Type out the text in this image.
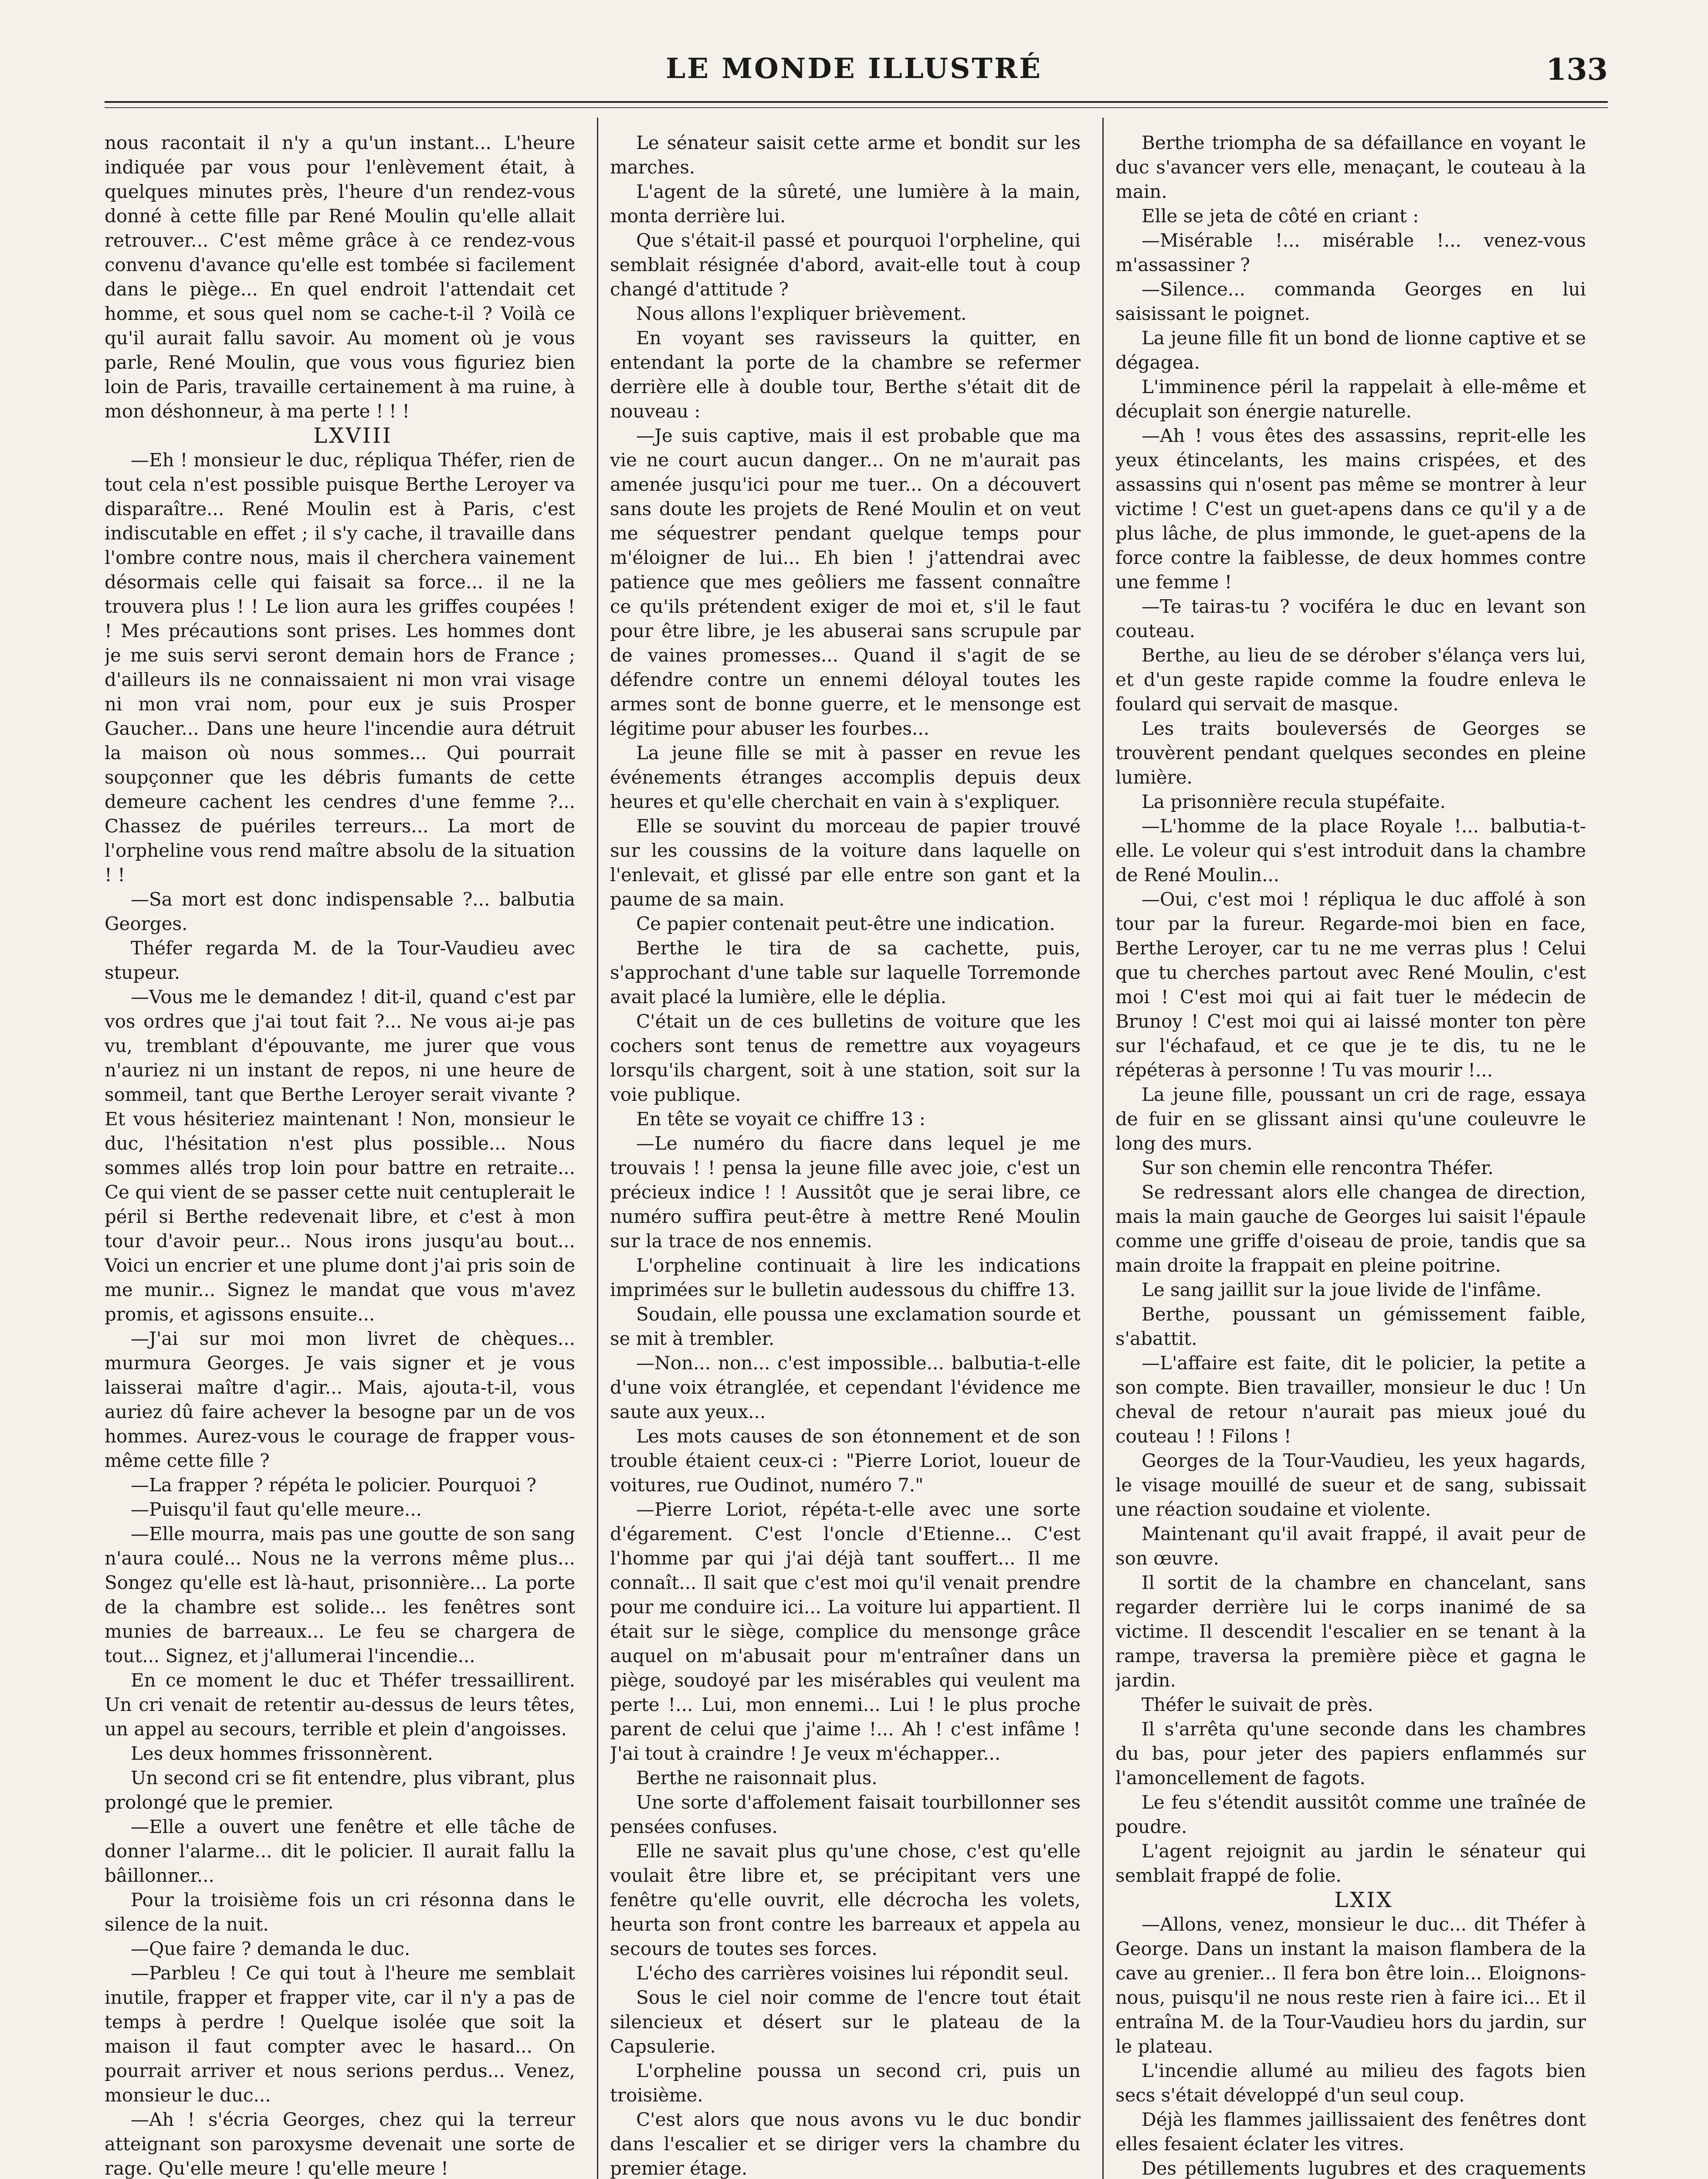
LE MONDE ILLUSTRÉ	133

nous racontait il n'y a qu'un instant... L'heure indiquée par vous pour l'enlèvement était, à quelques minutes près, l'heure d'un rendez-vous donné à cette fille par René Moulin qu'elle allait retrouver... C'est même grâce à ce rendez-vous convenu d'avance qu'elle est tombée si facilement dans le piège... En quel endroit l'attendait cet homme, et sous quel nom se cache-t-il ? Voilà ce qu'il aurait fallu savoir. Au moment où je vous parle, René Moulin, que vous vous figuriez bien loin de Paris, travaille certainement à ma ruine, à mon déshonneur, à ma perte ! ! !

LXVIII

—Eh ! monsieur le duc, répliqua Théfer, rien de tout cela n'est possible puisque Berthe Leroyer va disparaître... René Moulin est à Paris, c'est indiscutable en effet ; il s'y cache, il travaille dans l'ombre contre nous, mais il cherchera vainement désormais celle qui faisait sa force... il ne la trouvera plus ! ! Le lion aura les griffes coupées ! ! Mes précautions sont prises. Les hommes dont je me suis servi seront demain hors de France ; d'ailleurs ils ne connaissaient ni mon vrai visage ni mon vrai nom, pour eux je suis Prosper Gaucher... Dans une heure l'incendie aura détruit la maison où nous sommes... Qui pourrait soupçonner que les débris fumants de cette demeure cachent les cendres d'une femme ?... Chassez de puériles terreurs... La mort de l'orpheline vous rend maître absolu de la situation ! !

—Sa mort est donc indispensable ?... balbutia Georges.

Théfer regarda M. de la Tour-Vaudieu avec stupeur.

—Vous me le demandez ! dit-il, quand c'est par vos ordres que j'ai tout fait ?... Ne vous ai-je pas vu, tremblant d'épouvante, me jurer que vous n'auriez ni un instant de repos, ni une heure de sommeil, tant que Berthe Leroyer serait vivante ? Et vous hésiteriez maintenant ! Non, monsieur le duc, l'hésitation n'est plus possible... Nous sommes allés trop loin pour battre en retraite... Ce qui vient de se passer cette nuit centuplerait le péril si Berthe redevenait libre, et c'est à mon tour d'avoir peur... Nous irons jusqu'au bout... Voici un encrier et une plume dont j'ai pris soin de me munir... Signez le mandat que vous m'avez promis, et agissons ensuite...

—J'ai sur moi mon livret de chèques... murmura Georges. Je vais signer et je vous laisserai maître d'agir... Mais, ajouta-t-il, vous auriez dû faire achever la besogne par un de vos hommes. Aurez-vous le courage de frapper vous-même cette fille ?

—La frapper ? répéta le policier. Pourquoi ?

—Puisqu'il faut qu'elle meure...

—Elle mourra, mais pas une goutte de son sang n'aura coulé... Nous ne la verrons même plus... Songez qu'elle est là-haut, prisonnière... La porte de la chambre est solide... les fenêtres sont munies de barreaux... Le feu se chargera de tout... Signez, et j'allumerai l'incendie...

En ce moment le duc et Théfer tressaillirent. Un cri venait de retentir au-dessus de leurs têtes, un appel au secours, terrible et plein d'angoisses.

Les deux hommes frissonnèrent.

Un second cri se fit entendre, plus vibrant, plus prolongé que le premier.

—Elle a ouvert une fenêtre et elle tâche de donner l'alarme... dit le policier. Il aurait fallu la bâillonner...

Pour la troisième fois un cri résonna dans le silence de la nuit.

—Que faire ? demanda le duc.

—Parbleu ! Ce qui tout à l'heure me semblait inutile, frapper et frapper vite, car il n'y a pas de temps à perdre ! Quelque isolée que soit la maison il faut compter avec le hasard... On pourrait arriver et nous serions perdus... Venez, monsieur le duc...

—Ah ! s'écria Georges, chez qui la terreur atteignant son paroxysme devenait une sorte de rage. Qu'elle meure ! qu'elle meure !

Le sénateur saisit cette arme et bondit sur les marches.

L'agent de la sûreté, une lumière à la main, monta derrière lui.

Que s'était-il passé et pourquoi l'orpheline, qui semblait résignée d'abord, avait-elle tout à coup changé d'attitude ?

Nous allons l'expliquer brièvement.

En voyant ses ravisseurs la quitter, en entendant la porte de la chambre se refermer derrière elle à double tour, Berthe s'était dit de nouveau :

—Je suis captive, mais il est probable que ma vie ne court aucun danger... On ne m'aurait pas amenée jusqu'ici pour me tuer... On a découvert sans doute les projets de René Moulin et on veut me séquestrer pendant quelque temps pour m'éloigner de lui... Eh bien ! j'attendrai avec patience que mes geôliers me fassent connaître ce qu'ils prétendent exiger de moi et, s'il le faut pour être libre, je les abuserai sans scrupule par de vaines promesses... Quand il s'agit de se défendre contre un ennemi déloyal toutes les armes sont de bonne guerre, et le mensonge est légitime pour abuser les fourbes...

La jeune fille se mit à passer en revue les événements étranges accomplis depuis deux heures et qu'elle cherchait en vain à s'expliquer.

Elle se souvint du morceau de papier trouvé sur les coussins de la voiture dans laquelle on l'enlevait, et glissé par elle entre son gant et la paume de sa main.

Ce papier contenait peut-être une indication.

Berthe le tira de sa cachette, puis, s'approchant d'une table sur laquelle Torremonde avait placé la lumière, elle le déplia.

C'était un de ces bulletins de voiture que les cochers sont tenus de remettre aux voyageurs lorsqu'ils chargent, soit à une station, soit sur la voie publique.

En tête se voyait ce chiffre 13 :

—Le numéro du fiacre dans lequel je me trouvais ! ! pensa la jeune fille avec joie, c'est un précieux indice ! ! Aussitôt que je serai libre, ce numéro suffira peut-être à mettre René Moulin sur la trace de nos ennemis.

L'orpheline continuait à lire les indications imprimées sur le bulletin audessous du chiffre 13.

Soudain, elle poussa une exclamation sourde et se mit à trembler.

—Non... non... c'est impossible... balbutia-t-elle d'une voix étranglée, et cependant l'évidence me saute aux yeux...

Les mots causes de son étonnement et de son trouble étaient ceux-ci : "Pierre Loriot, loueur de voitures, rue Oudinot, numéro 7."

—Pierre Loriot, répéta-t-elle avec une sorte d'égarement. C'est l'oncle d'Etienne... C'est l'homme par qui j'ai déjà tant souffert... Il me connaît... Il sait que c'est moi qu'il venait prendre pour me conduire ici... La voiture lui appartient. Il était sur le siège, complice du mensonge grâce auquel on m'abusait pour m'entraîner dans un piège, soudoyé par les misérables qui veulent ma perte !... Lui, mon ennemi... Lui ! le plus proche parent de celui que j'aime !... Ah ! c'est infâme ! J'ai tout à craindre ! Je veux m'échapper...

Berthe ne raisonnait plus.

Une sorte d'affolement faisait tourbillonner ses pensées confuses.

Elle ne savait plus qu'une chose, c'est qu'elle voulait être libre et, se précipitant vers une fenêtre qu'elle ouvrit, elle décrocha les volets, heurta son front contre les barreaux et appela au secours de toutes ses forces.

L'écho des carrières voisines lui répondit seul.

Sous le ciel noir comme de l'encre tout était silencieux et désert sur le plateau de la Capsulerie.

L'orpheline poussa un second cri, puis un troisième.

C'est alors que nous avons vu le duc bondir dans l'escalier et se diriger vers la chambre du premier étage.

Berthe triompha de sa défaillance en voyant le duc s'avancer vers elle, menaçant, le couteau à la main.

Elle se jeta de côté en criant :

—Misérable !... misérable !... venez-vous m'assassiner ?

—Silence... commanda Georges en lui saisissant le poignet.

La jeune fille fit un bond de lionne captive et se dégagea.

L'imminence péril la rappelait à elle-même et décuplait son énergie naturelle.

—Ah ! vous êtes des assassins, reprit-elle les yeux étincelants, les mains crispées, et des assassins qui n'osent pas même se montrer à leur victime ! C'est un guet-apens dans ce qu'il y a de plus lâche, de plus immonde, le guet-apens de la force contre la faiblesse, de deux hommes contre une femme !

—Te tairas-tu ? vociféra le duc en levant son couteau.

Berthe, au lieu de se dérober s'élança vers lui, et d'un geste rapide comme la foudre enleva le foulard qui servait de masque.

Les traits bouleversés de Georges se trouvèrent pendant quelques secondes en pleine lumière.

La prisonnière recula stupéfaite.

—L'homme de la place Royale !... balbutia-t-elle. Le voleur qui s'est introduit dans la chambre de René Moulin...

—Oui, c'est moi ! répliqua le duc affolé à son tour par la fureur. Regarde-moi bien en face, Berthe Leroyer, car tu ne me verras plus ! Celui que tu cherches partout avec René Moulin, c'est moi ! C'est moi qui ai fait tuer le médecin de Brunoy ! C'est moi qui ai laissé monter ton père sur l'échafaud, et ce que je te dis, tu ne le répéteras à personne ! Tu vas mourir !...

La jeune fille, poussant un cri de rage, essaya de fuir en se glissant ainsi qu'une couleuvre le long des murs.

Sur son chemin elle rencontra Théfer.

Se redressant alors elle changea de direction, mais la main gauche de Georges lui saisit l'épaule comme une griffe d'oiseau de proie, tandis que sa main droite la frappait en pleine poitrine.

Le sang jaillit sur la joue livide de l'infâme.

Berthe, poussant un gémissement faible, s'abattit.

—L'affaire est faite, dit le policier, la petite a son compte. Bien travailler, monsieur le duc ! Un cheval de retour n'aurait pas mieux joué du couteau ! ! Filons !

Georges de la Tour-Vaudieu, les yeux hagards, le visage mouillé de sueur et de sang, subissait une réaction soudaine et violente.

Maintenant qu'il avait frappé, il avait peur de son œuvre.

Il sortit de la chambre en chancelant, sans regarder derrière lui le corps inanimé de sa victime. Il descendit l'escalier en se tenant à la rampe, traversa la première pièce et gagna le jardin.

Théfer le suivait de près.

Il s'arrêta qu'une seconde dans les chambres du bas, pour jeter des papiers enflammés sur l'amoncellement de fagots.

Le feu s'étendit aussitôt comme une traînée de poudre.

L'agent rejoignit au jardin le sénateur qui semblait frappé de folie.

LXIX

—Allons, venez, monsieur le duc... dit Théfer à George. Dans un instant la maison flambera de la cave au grenier... Il fera bon être loin... Eloignons-nous, puisqu'il ne nous reste rien à faire ici... Et il entraîna M. de la Tour-Vaudieu hors du jardin, sur le plateau.

L'incendie allumé au milieu des fagots bien secs s'était développé d'un seul coup.

Déjà les flammes jaillissaient des fenêtres dont elles fesaient éclater les vitres.

Des pétillements lugubres et des craquements
